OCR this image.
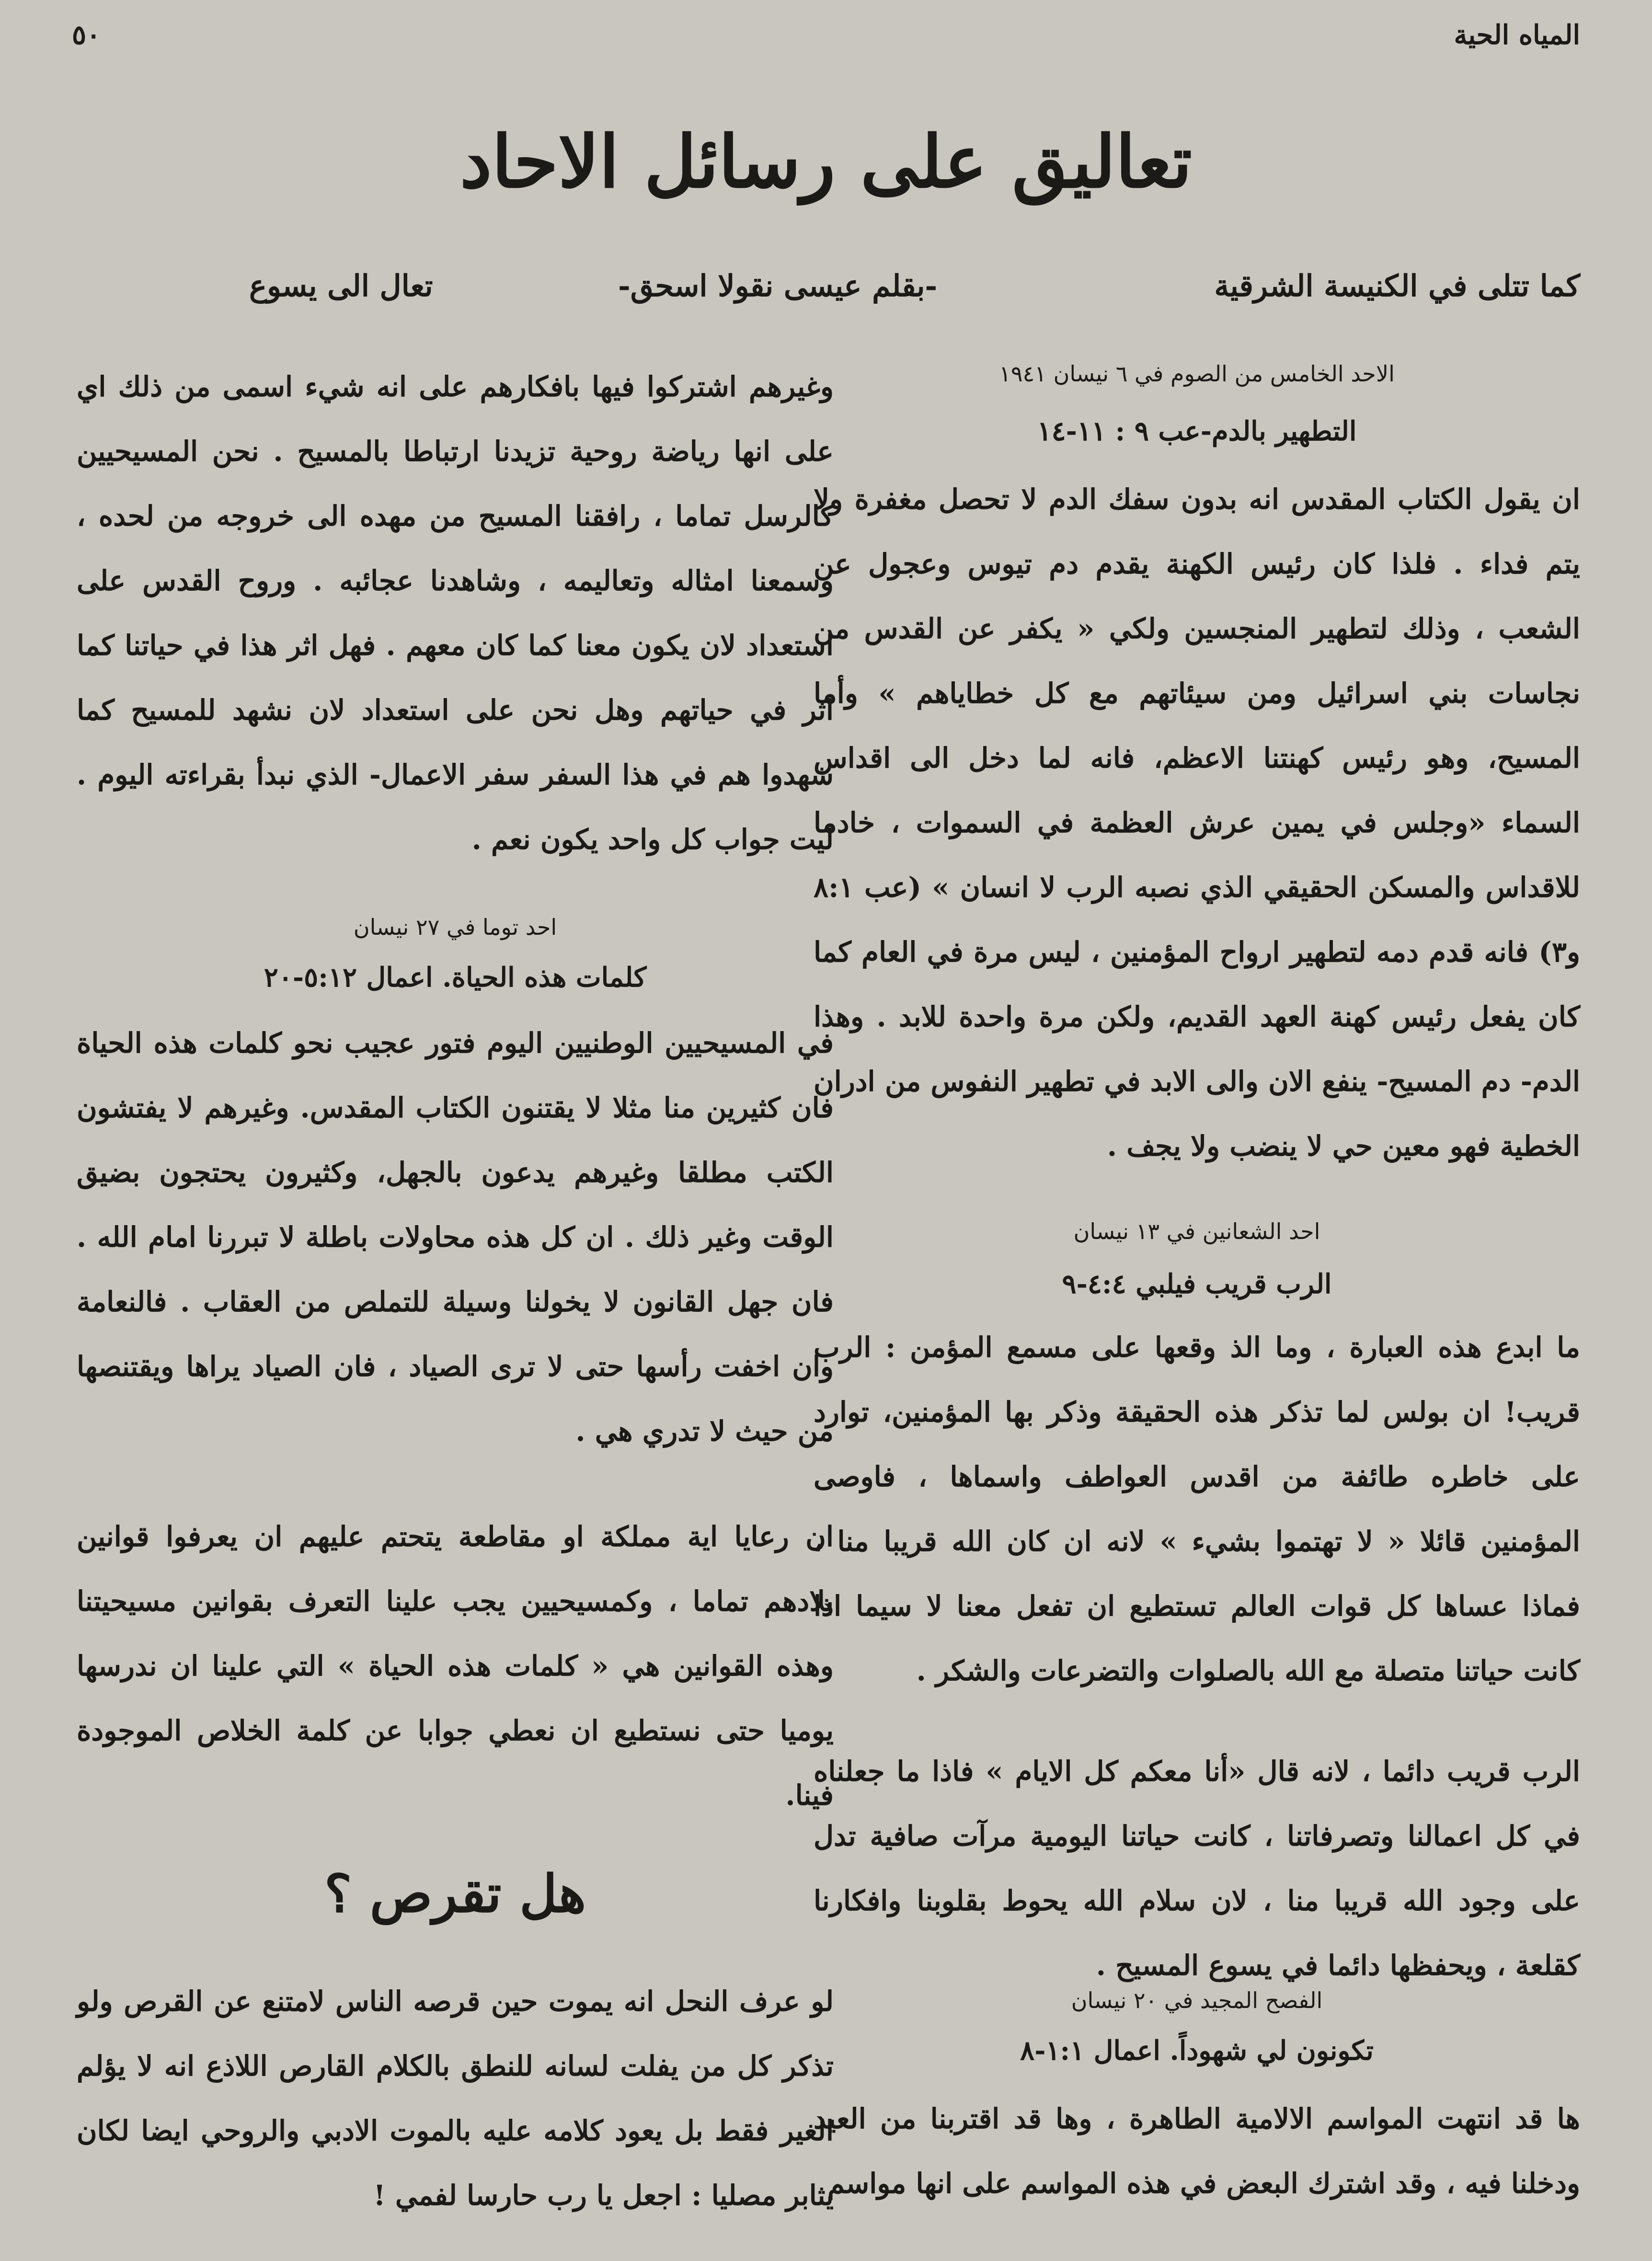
٥٠	المياه الحية
تعاليق على رسائل الاحاد
كما تتلى في الكنيسة الشرقية
-بقلم عيسى نقولا اسحق-
تعال الى يسوع

الاحد الخامس من الصوم في ٦ نيسان ١٩٤١

التطهير بالدم-عب ٩ : ١١-١٤

ان يقول الكتاب المقدس انه بدون سفك الدم لا تحصل مغفرة ولا يتم فداء . فلذا كان رئيس الكهنة يقدم دم تيوس وعجول عن الشعب ، وذلك لتطهير المنجسين ولكي « يكفر عن القدس من نجاسات بني اسرائيل ومن سيئاتهم مع كل خطاياهم » وأما المسيح، وهو رئيس كهنتنا الاعظم، فانه لما دخل الى اقداس السماء «وجلس في يمين عرش العظمة في السموات ، خادما للاقداس والمسكن الحقيقي الذي نصبه الرب لا انسان » (عب ٨:١ و٣) فانه قدم دمه لتطهير ارواح المؤمنين ، ليس مرة في العام كما كان يفعل رئيس كهنة العهد القديم، ولكن مرة واحدة للابد . وهذا الدم- دم المسيح- ينفع الان والى الابد في تطهير النفوس من ادران الخطية فهو معين حي لا ينضب ولا يجف .

احد الشعانين في ١٣ نيسان

الرب قريب فيلبي ٤:٤-٩

ما ابدع هذه العبارة ، وما الذ وقعها على مسمع المؤمن : الرب قريب! ان بولس لما تذكر هذه الحقيقة وذكر بها المؤمنين، توارد على خاطره طائفة من اقدس العواطف واسماها ، فاوصى المؤمنين قائلا « لا تهتموا بشيء » لانه ان كان الله قريبا منا ، فماذا عساها كل قوات العالم تستطيع ان تفعل معنا لا سيما اذا كانت حياتنا متصلة مع الله بالصلوات والتضرعات والشكر .

الرب قريب دائما ، لانه قال «أنا معكم كل الايام » فاذا ما جعلناه في كل اعمالنا وتصرفاتنا ، كانت حياتنا اليومية مرآت صافية تدل على وجود الله قريبا منا ، لان سلام الله يحوط بقلوبنا وافكارنا كقلعة ، ويحفظها دائما في يسوع المسيح .

الفصح المجيد في ٢٠ نيسان

تكونون لي شهوداً. اعمال ١:١-٨

ها قد انتهت المواسم الالامية الطاهرة ، وها قد اقتربنا من العيد ودخلنا فيه ، وقد اشترك البعض في هذه المواسم على انها مواسم

وغيرهم اشتركوا فيها بافكارهم على انه شيء اسمى من ذلك اي على انها رياضة روحية تزيدنا ارتباطا بالمسيح . نحن المسيحيين كالرسل تماما ، رافقنا المسيح من مهده الى خروجه من لحده ، وسمعنا امثاله وتعاليمه ، وشاهدنا عجائبه . وروح القدس على استعداد لان يكون معنا كما كان معهم . فهل اثر هذا في حياتنا كما اثر في حياتهم وهل نحن على استعداد لان نشهد للمسيح كما شهدوا هم في هذا السفر سفر الاعمال- الذي نبدأ بقراءته اليوم . ليت جواب كل واحد يكون نعم .

احد توما في ٢٧ نيسان

كلمات هذه الحياة. اعمال ٥:١٢-٢٠

في المسيحيين الوطنيين اليوم فتور عجيب نحو كلمات هذه الحياة فان كثيرين منا مثلا لا يقتنون الكتاب المقدس. وغيرهم لا يفتشون الكتب مطلقا وغيرهم يدعون بالجهل، وكثيرون يحتجون بضيق الوقت وغير ذلك . ان كل هذه محاولات باطلة لا تبررنا امام الله . فان جهل القانون لا يخولنا وسيلة للتملص من العقاب . فالنعامة وان اخفت رأسها حتى لا ترى الصياد ، فان الصياد يراها ويقتنصها من حيث لا تدري هي .

ان رعايا اية مملكة او مقاطعة يتحتم عليهم ان يعرفوا قوانين بلادهم تماما ، وكمسيحيين يجب علينا التعرف بقوانين مسيحيتنا وهذه القوانين هي « كلمات هذه الحياة » التي علينا ان ندرسها يوميا حتى نستطيع ان نعطي جوابا عن كلمة الخلاص الموجودة فينا.

هل تقرص ؟

لو عرف النحل انه يموت حين قرصه الناس لامتنع عن القرص ولو تذكر كل من يفلت لسانه للنطق بالكلام القارص اللاذع انه لا يؤلم الغير فقط بل يعود كلامه عليه بالموت الادبي والروحي ايضا لكان يثابر مصليا : اجعل يا رب حارسا لفمي !
